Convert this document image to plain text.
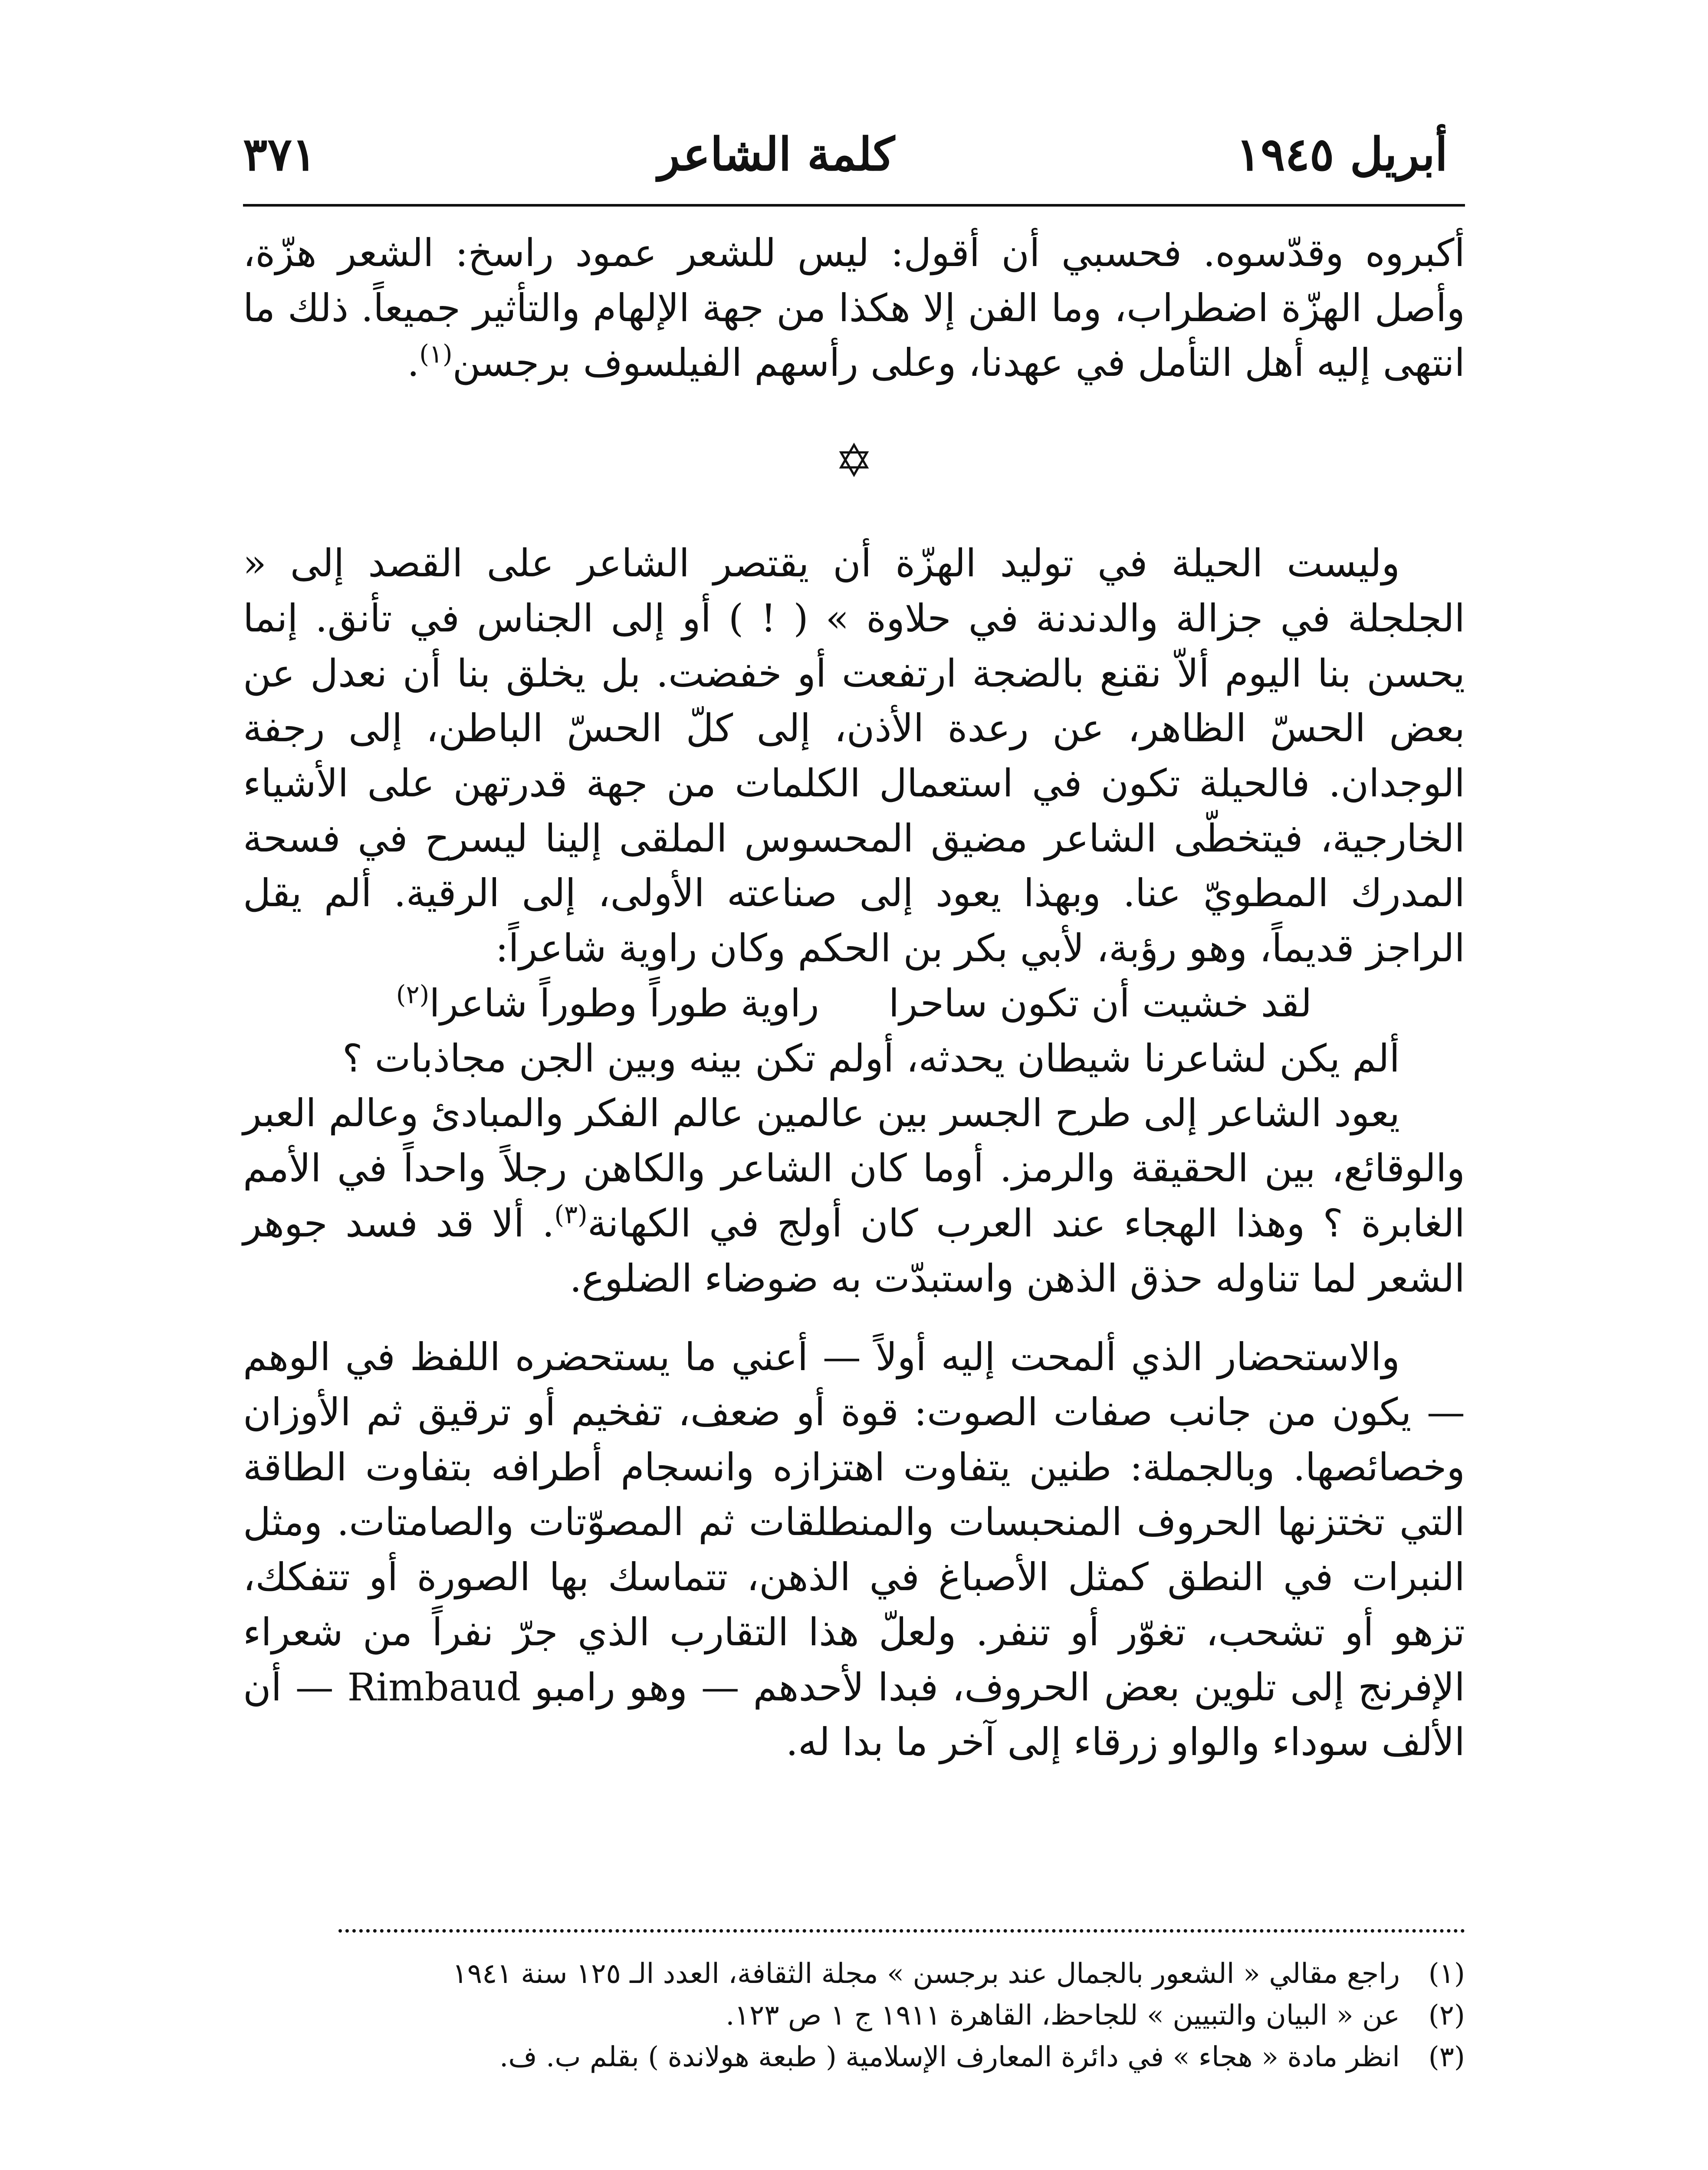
٣٧١	كلمة الشاعر	أبريل ١٩٤٥

أكبروه وقدّسوه. فحسبي أن أقول: ليس للشعر عمود راسخ: الشعر هزّة، وأصل الهزّة اضطراب، وما الفن إلا هكذا من جهة الإلهام والتأثير جميعاً. ذلك ما انتهى إليه أهل التأمل في عهدنا، وعلى رأسهم الفيلسوف برجسن$^{(١)}$.

✡

وليست الحيلة في توليد الهزّة أن يقتصر الشاعر على القصد إلى « الجلجلة في جزالة والدندنة في حلاوة » ( ! ) أو إلى الجناس في تأنق. إنما يحسن بنا اليوم ألاّ نقنع بالضجة ارتفعت أو خفضت. بل يخلق بنا أن نعدل عن بعض الحسّ الظاهر، عن رعدة الأذن، إلى كلّ الحسّ الباطن، إلى رجفة الوجدان. فالحيلة تكون في استعمال الكلمات من جهة قدرتهن على الأشياء الخارجية، فيتخطّى الشاعر مضيق المحسوس الملقى إلينا ليسرح في فسحة المدرك المطويّ عنا. وبهذا يعود إلى صناعته الأولى، إلى الرقية. ألم يقل الراجز قديماً، وهو رؤبة، لأبي بكر بن الحكم وكان راوية شاعراً:

لقد خشيت أن تكون ساحراراوية طوراً وطوراً شاعرا$^{(٢)}$

ألم يكن لشاعرنا شيطان يحدثه، أولم تكن بينه وبين الجن مجاذبات ؟

يعود الشاعر إلى طرح الجسر بين عالمين عالم الفكر والمبادئ وعالم العبر والوقائع، بين الحقيقة والرمز. أوما كان الشاعر والكاهن رجلاً واحداً في الأمم الغابرة ؟ وهذا الهجاء عند العرب كان أولج في الكهانة$^{(٣)}$. ألا قد فسد جوهر الشعر لما تناوله حذق الذهن واستبدّت به ضوضاء الضلوع.

والاستحضار الذي ألمحت إليه أولاً — أعني ما يستحضره اللفظ في الوهم — يكون من جانب صفات الصوت: قوة أو ضعف، تفخيم أو ترقيق ثم الأوزان وخصائصها. وبالجملة: طنين يتفاوت اهتزازه وانسجام أطرافه بتفاوت الطاقة التي تختزنها الحروف المنحبسات والمنطلقات ثم المصوّتات والصامتات. ومثل النبرات في النطق كمثل الأصباغ في الذهن، تتماسك بها الصورة أو تتفكك، تزهو أو تشحب، تغوّر أو تنفر. ولعلّ هذا التقارب الذي جرّ نفراً من شعراء الإفرنج إلى تلوين بعض الحروف، فبدا لأحدهم — وهو رامبو Rimbaud — أن الألف سوداء والواو زرقاء إلى آخر ما بدا له.

(١)راجع مقالي « الشعور بالجمال عند برجسن » مجلة الثقافة، العدد الـ ١٢٥ سنة ١٩٤١

(٢)عن « البيان والتبيين » للجاحظ، القاهرة ١٩١١ ج ١ ص ١٢٣.

(٣)انظر مادة « هجاء » في دائرة المعارف الإسلامية ( طبعة هولاندة ) بقلم ب. ف.
